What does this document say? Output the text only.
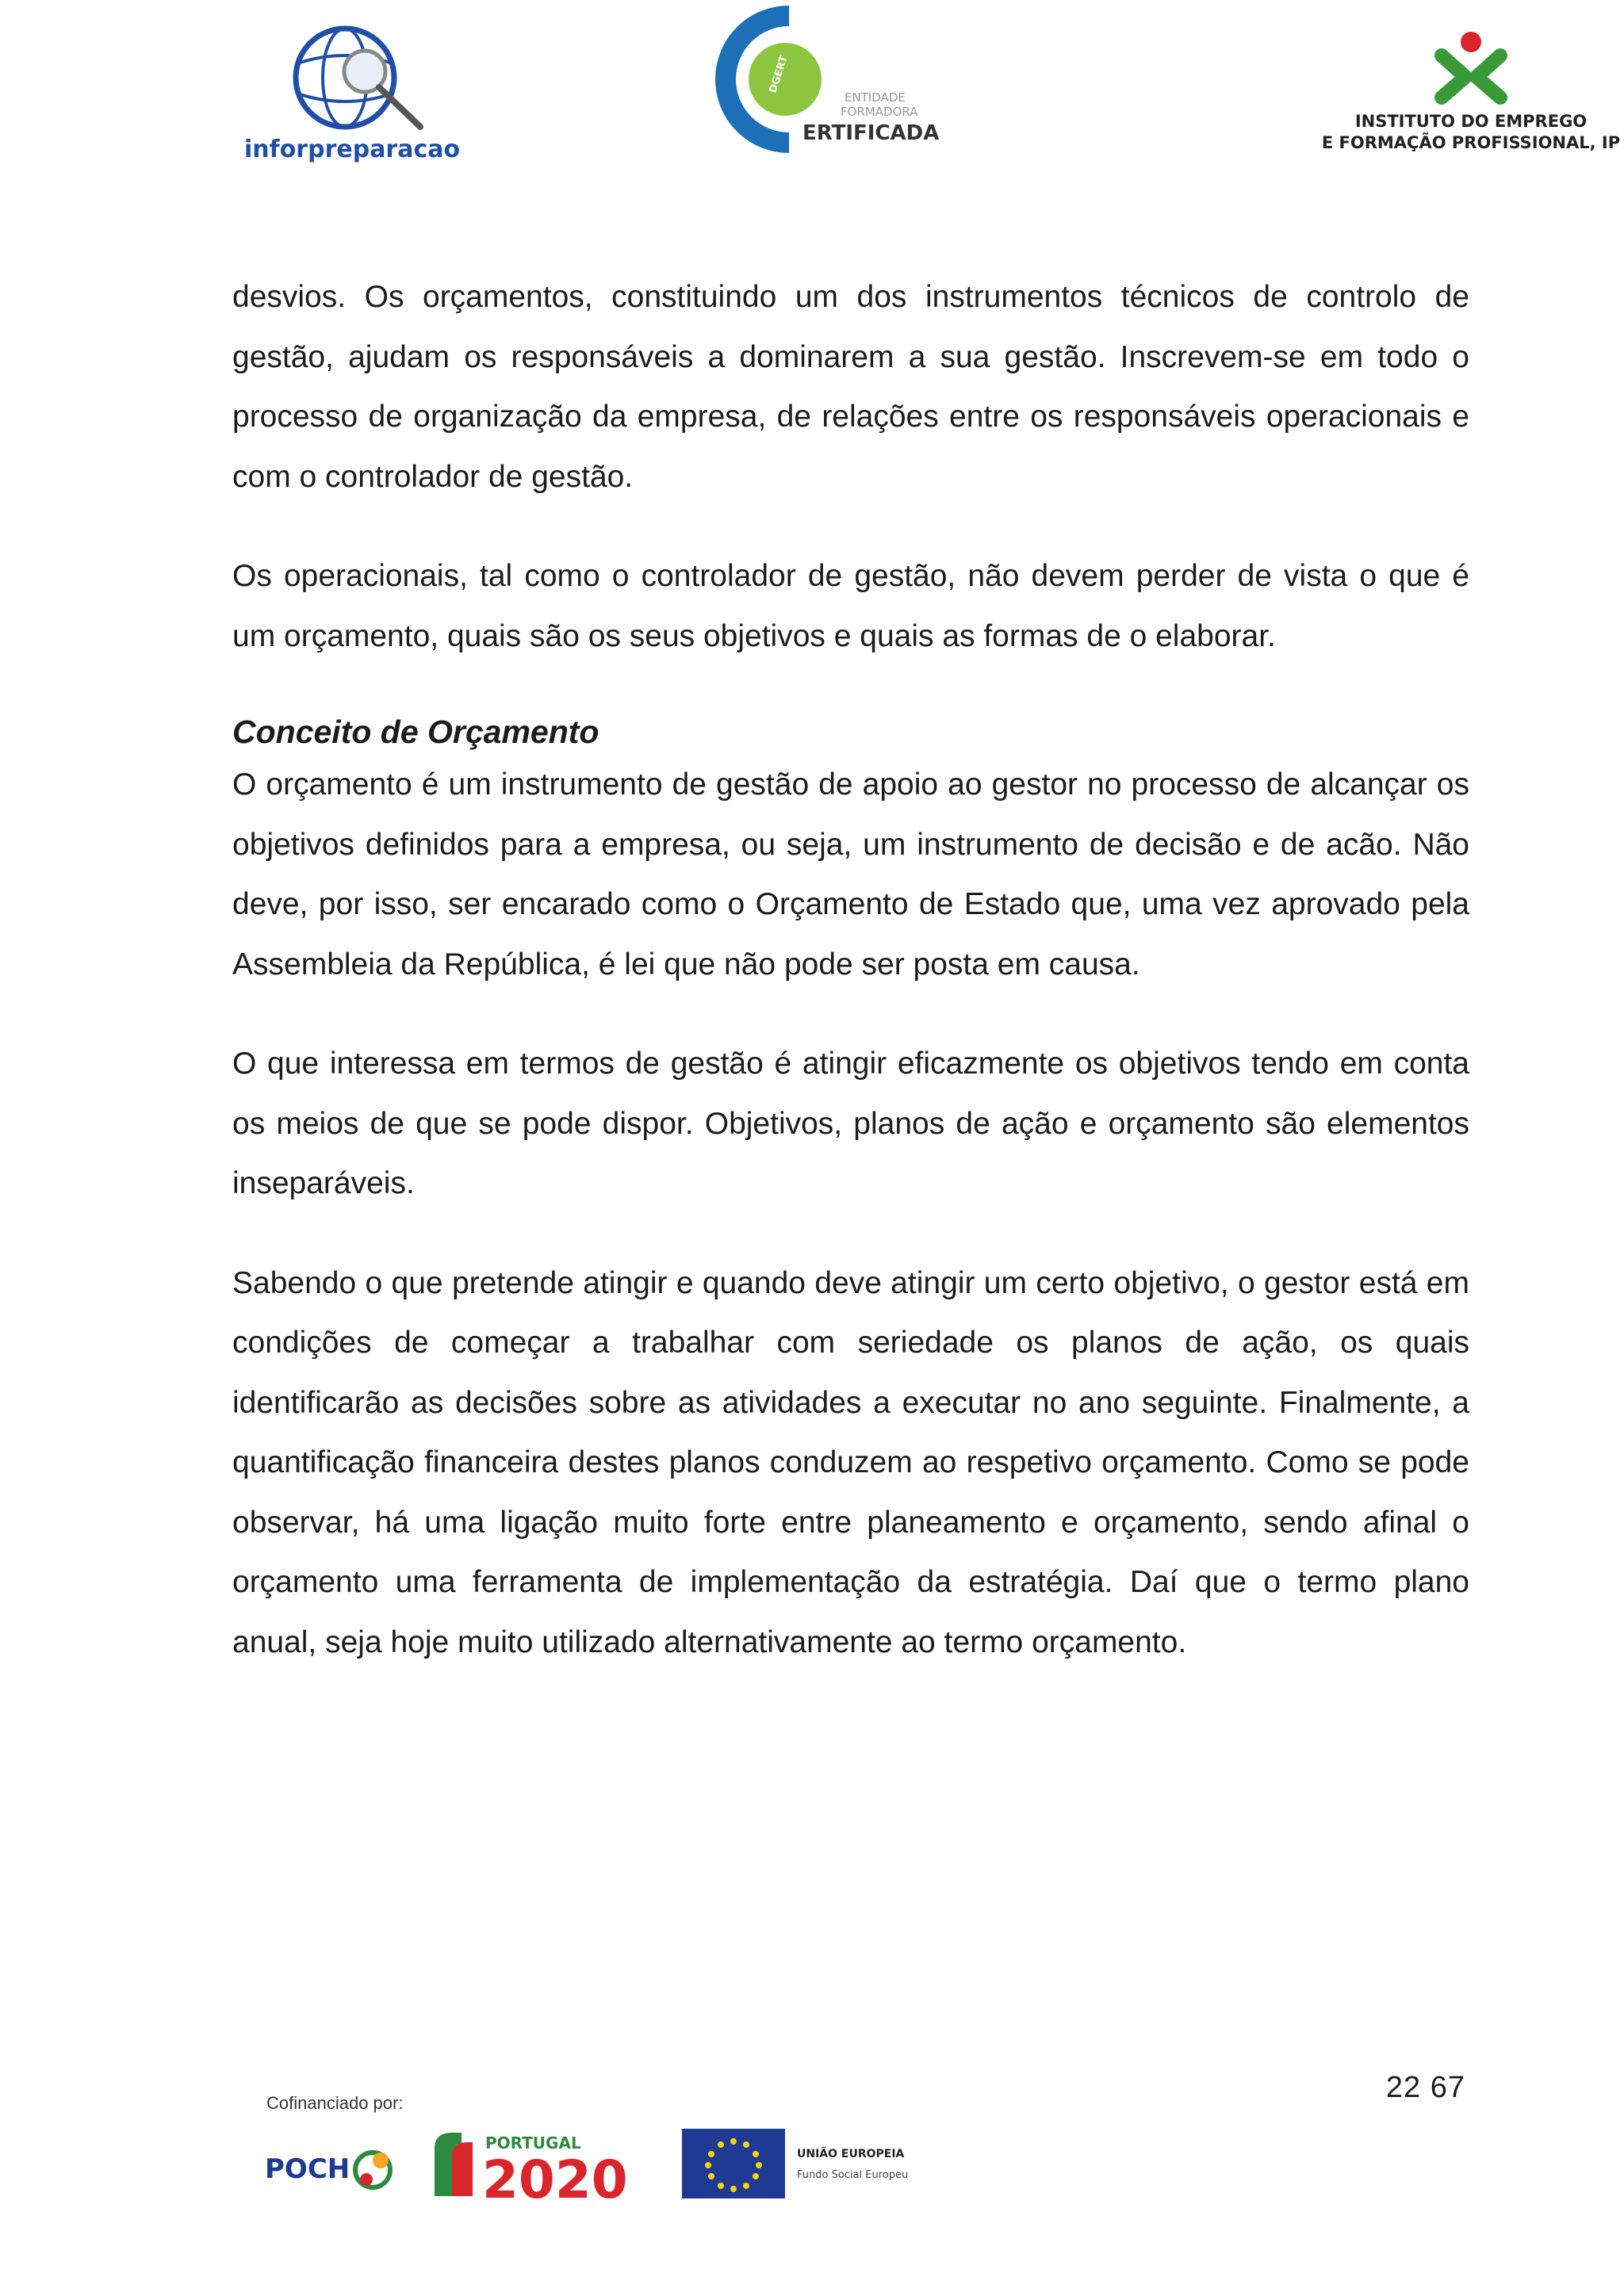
inforpreparacao
DGERT
ENTIDADE
FORMADORA
ERTIFICADA	INSTITUTO DO EMPREGO
E FORMAÇÃO PROFISSIONAL, IP

desvios. Os orçamentos, constituindo um dos instrumentos técnicos de controlo de gestão, ajudam os responsáveis a dominarem a sua gestão. Inscrevem-se em todo o processo de organização da empresa, de relações entre os responsáveis operacionais e com o controlador de gestão.

Os operacionais, tal como o controlador de gestão, não devem perder de vista o que é um orçamento, quais são os seus objetivos e quais as formas de o elaborar.

Conceito de Orçamento

O orçamento é um instrumento de gestão de apoio ao gestor no processo de alcançar os objetivos definidos para a empresa, ou seja, um instrumento de decisão e de acão. Não deve, por isso, ser encarado como o Orçamento de Estado que, uma vez aprovado pela Assembleia da República, é lei que não pode ser posta em causa.

O que interessa em termos de gestão é atingir eficazmente os objetivos tendo em conta os meios de que se pode dispor. Objetivos, planos de ação e orçamento são elementos inseparáveis.

Sabendo o que pretende atingir e quando deve atingir um certo objetivo, o gestor está em condições de começar a trabalhar com seriedade os planos de ação, os quais identificarão as decisões sobre as atividades a executar no ano seguinte. Finalmente, a quantificação financeira destes planos conduzem ao respetivo orçamento. Como se pode observar, há uma ligação muito forte entre planeamento e orçamento, sendo afinal o orçamento uma ferramenta de implementação da estratégia. Daí que o termo plano anual, seja hoje muito utilizado alternativamente ao termo orçamento.

22 67
Cofinanciado por:
POCH
PORTUGAL
2020	UNIÃO EUROPEIA
Fundo Social Europeu
